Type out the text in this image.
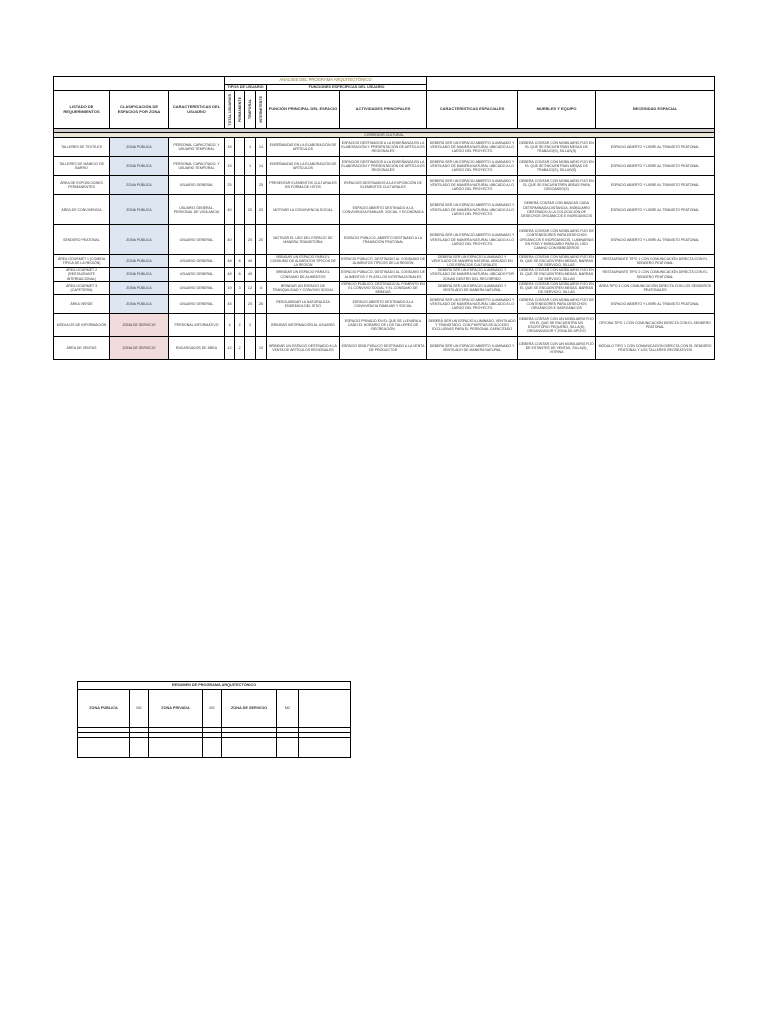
			ANÁLISIS DEL PROGRAMA ARQUITECTÓNICO								
			TIPOS DE USUARIO				FUNCIONES ESPECÍFICAS DEL USUARIO				
LISTADO DE REQUERIMIENTOS	CLASIFICACIÓN DE ESPACIOS POR ZONA	CARACTERÍSTICAS DEL USUARIO	TOTAL USUARIOS	PERMANENTE	TEMPORAL	INTERMITENTE	FUNCIÓN PRINCIPAL DEL ESPACIO	ACTIVIDADES PRINCIPALES	CARACTERÍSTICAS ESPACIALES	MUEBLES Y EQUIPO	NECESIDAD ESPACIAL

CORREDOR CULTURAL											
TALLERES DE TEXTILES	ZONA PÚBLICA	PERSONAL CAPACITADO, Y USUARIO TEMPORAL	15		1	14	ENSEÑANZAS EN LA ELABORACIÓN DE ARTÍCULOS	ESPACIOS DESTINADOS A LA ENSEÑANZA EN LA ELABORACIÓN Y PRESENTACIÓN DE ARTÍCULOS REGIONALES	DEBERÁ SER UN ESPACIO ABIERTO ILUMINADO Y VENTILADO DE MANERA NATURAL UBICADO A LO LARGO DEL PROYECTO	DEBERÁ CONTAR CON MOBILIARIO FIJO EN EL QUE SE ENCUENTRAN MESAS DE TRABAJO(S), SILLAS(S)	ESPACIO ABIERTO Y LIBRE AL TRANSITO PEATONAL
TALLERES DE MANEJO DE BARRO	ZONA PÚBLICA	PERSONAL CAPACITADO, Y USUARIO TEMPORAL	15		1	14	ENSEÑANZAS EN LA ELABORACIÓN DE ARTÍCULOS	ESPACIOS DESTINADOS A LA ENSEÑANZA EN LA ELABORACIÓN Y PRESENTACIÓN DE ARTÍCULOS REGIONALES	DEBERÁ SER UN ESPACIO ABIERTO ILUMINADO Y VENTILADO DE MANERA NATURAL UBICADO A LO LARGO DEL PROYECTO	DEBERÁ CONTAR CON MOBILIARIO FIJO EN EL QUE SE ENCUENTRAN MESAS DE TRABAJO(S), SILLAS(S)	ESPACIO ABIERTO Y LIBRE AL TRANSITO PEATONAL
ÁREA DE EXPOSICIONES PERMANENTES	ZONA PÚBLICA	USUARIO GENERAL	25			25	PRESENTAR ELEMENTOS CULTURALES EN FORMA DE HITOS	ESPACIOS DESTINADOS A LA EXPOSICIÓN DE ELEMENTOS CULTURALES	DEBERÁ SER UN ESPACIO ABIERTO ILUMINADO Y VENTILADO DE MANERA NATURAL UBICADO A LO LARGO DEL PROYECTO	DEBERÁ CONTAR CON MOBILIARIO FIJO EN EL QUE SE ENCUENTREN ÁREAS PARA DESCANSO(S)	ESPACIO ABIERTO Y LIBRE AL TRANSITO PEATONAL
ÁREA DE CONVIVENCIA	ZONA PÚBLICA	USUARIO GENERAL, PERSONAL DE VIGILANCIA	40		20	20	MOTIVAR LA CONVIVENCIA SOCIAL	ESPACIO ABIERTO DESTINADO A LA CONVIVENCIA FAMILIAR, SOCIAL Y ECONÓMICA	DEBERÁ SER UN ESPACIO ABIERTO ILUMINADO Y VENTILADO DE MANERA NATURAL UBICADO A LO LARGO DEL PROYECTO	DEBERÁ CONTAR CON BANCAS CADA DETERMINADA DISTANCIA, MOBILIARIO DESTINADO A LA COLOCACIÓN DE DESECHOS ORGÁNICOS E INORGÁNICOS	ESPACIO ABIERTO Y LIBRE AL TRANSITO PEATONAL
SENDERO PEATONAL	ZONA PÚBLICA	USUARIO GENERAL	40		20	20	MOTIVAR EL USO DEL ESPACIO DE MANERA TRANSITORIA	ESPACIO PÚBLICO, ABIERTO DESTINADO A LA TRANSICIÓN PEATONAL	DEBERÁ SER UN ESPACIO ABIERTO ILUMINADO Y VENTILADO DE MANERA NATURAL UBICADO A LO LARGO DEL PROYECTO	DEBERÁ CONTAR CON MOBILIARIO FIJO DE CONTENEDORES PARA DESECHOS ORGÁNICOS E INORGÁNICOS, LUMINARIAS EN PISO Y MOBILIARIO PARA EL USO CANINO CON BEBEDEROS	ESPACIO ABIERTO Y LIBRE AL TRANSITO PEATONAL
ÁREA GOURMET 1 (COMIDA TÍPICA DE LA REGIÓN)	ZONA PÚBLICA	USUARIO GENERAL	48	8	40		BRINDAR UN ESPACIO PARA EL CONSUMO DE ALIMENTOS TÍPICOS DE LA REGIÓN	ESPACIO PÚBLICO, DESTINADO AL CONSUMO DE ALIMENTOS TÍPICOS DE LA REGIÓN	DEBERÁ SER UN ESPACIO ILUMINADO Y VENTILADO DE MANERA NATURAL UBICADO EN LOS ESPACIOS CULTURALES	DEBERÁ CONTAR CON MOBILIARIO FIJO EN EL QUE SE ENCUENTREN MESAS, BARRAS DE SERVICIO, SILLAS	RESTAURANTE TIPO 1 CON COMUNICACIÓN DIRECTA CON EL SENDERO PEATONAL
ÁREA GOURMET 2 (RESTAURANTE INTERNACIONAL)	ZONA PÚBLICA	USUARIO GENERAL	48	8	40		BRINDAR UN ESPACIO PARA EL CONSUMO DE ALIMENTOS	ESPACIO PÚBLICO, DESTINADO AL CONSUMO DE ALIMENTOS Y PLATILLOS INTERNACIONALES	DEBERÁ SER UN ESPACIO ILUMINADO Y VENTILADO DE MANERA NATURAL UBICADO POR ZONAS DENTRO DEL RECORRIDO	DEBERÁ CONTAR CON MOBILIARIO FIJO EN EL QUE SE ENCUENTREN MESAS, BARRAS DE SERVICIO, SILLAS	RESTAURANTE TIPO 2 CON COMUNICACIÓN DIRECTA CON EL SENDERO PEATONAL
ÁREA GOURMET 3 (CAFETERÍA)	ZONA PÚBLICA	USUARIO GENERAL	19	3	12	4	BRINDAR UN ESPACIO DE TRANQUILIDAD Y CONVIVIO SOCIAL	ESPACIO PÚBLICO, DESTINADO AL FOMENTO EN EL CONVIVIO SOCIAL Y EL CONSUMO DE BEBIDAS	DEBERÁ SER UN ESPACIO ILUMINADO Y VENTILADO DE MANERA NATURAL	DEBERÁ CONTAR CON MOBILIARIO FIJO EN EL QUE SE ENCUENTREN MESAS, BARRAS DE SERVICIO, SILLAS	ÁREA TIPO 3 CON COMUNICACIÓN DIRECTA CON LOS SENDEROS PEATONALES
ÁREA VERDE	ZONA PÚBLICA	USUARIO GENERAL	45		20	25	RESGUARDAR LA NATURALEZA ENDÉMICA DEL SITIO	ESPACIO ABIERTO DESTINADO A LA CONVIVENCIA FAMILIAR Y SOCIAL	DEBERÁ SER UN ESPACIO ABIERTO ILUMINADO Y VENTILADO DE MANERA NATURAL UBICADO A LO LARGO DEL PROYECTO	DEBERÁ CONTAR CON MOBILIARIO FIJO DE CONTENEDORES PARA DESECHOS ORGÁNICOS E INORGÁNICOS	ESPACIO ABIERTO Y LIBRE AL TRANSITO PEATONAL
MÓDULOS DE INFORMACIÓN	ZONA DE SERVICIO	PERSONAL INFORMATIVO	4	2	2		BRINDAR INFORMACIÓN AL USUARIO	ESPACIO PRIVADO EN EL QUE SE LLEVARA A CABO EL HORARIO DE LOS TALLERES DE RECREACIÓN	DEBERÁ SER UN ESPACIO ILUMINADO, VENTILADO Y TRANSITADO, CON PUERTAS DE ACCESO EXCLUSIVAS PARA EL PERSONAL CAPACITADO	DEBERÁ CONTAR CON UN MOBILIARIO FIJO EN EL QUE SE ENCUENTRA UN ESCRITORIO PEQUEÑO, SILLA(S), ORGANIZADOR Y ZONA DE APOYO	OFICINA TIPO 1 CON COMUNICACIÓN DIRECTA CON EL SENDERO PEATONAL
ÁREA DE VENTAS	ZONA DE SERVICIO	ENCARGADOS DE ÁREA	12	2		10	BRINDAR UN ESPACIO DESTINADO A LA VENTA DE ARTÍCULOS REGIONALES	ESPACIO SEMI PÚBLICO DESTINADO A LA VENTA DE PRODUCTOS	DEBERÁ SER UN ESPACIO ABIERTO ILUMINADO Y VENTILADO DE MANERA NATURAL	DEBERÁ CONTAR CON UN MOBILIARIO FIJO DE ESTANTES DE VENTAS, SILLA(S), VITRINA	MÓDULO TIPO 1 CON COMUNICACIÓN DIRECTA CON EL SENDERO PEATONAL Y LOS TALLERES RECREATIVOS
RESUMEN DE PROGRAMA ARQUITECTÓNICO						
ZONA PÚBLICA	M2	ZONA PRIVADA	M2	ZONA DE SERVICIO	M2	
